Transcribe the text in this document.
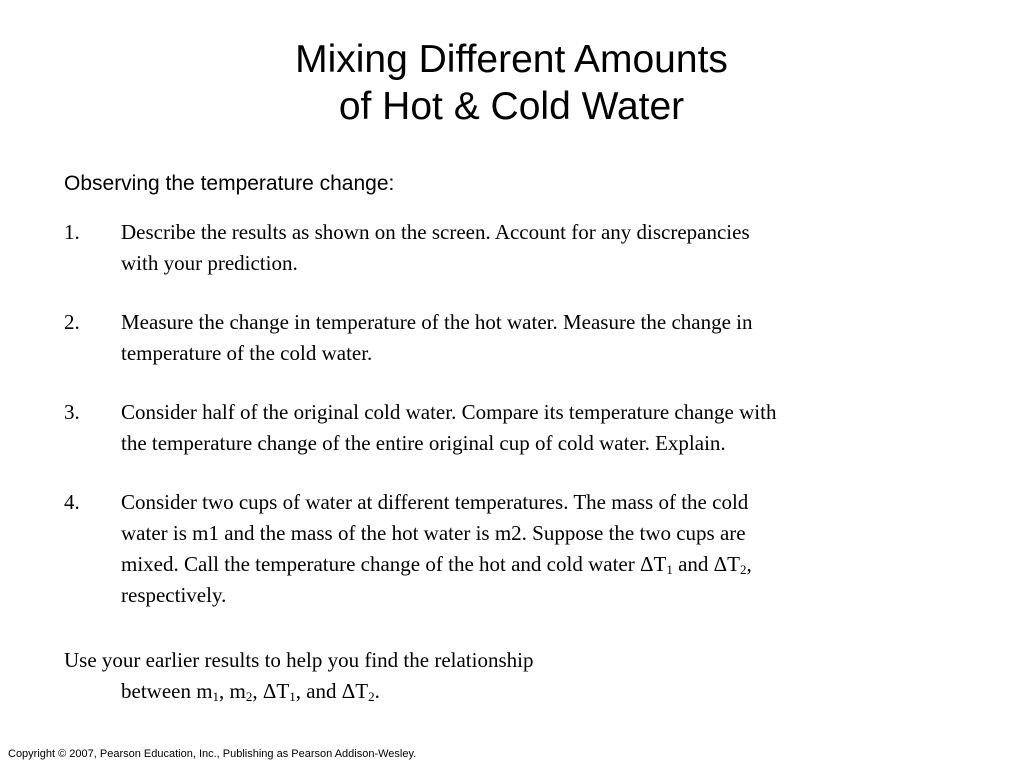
Mixing Different Amounts
of Hot & Cold Water
Observing the temperature change:
1. Describe the results as shown on the screen. Account for any discrepancies
with your prediction.
2. Measure the change in temperature of the hot water. Measure the change in
temperature of the cold water.
3. Consider half of the original cold water. Compare its temperature change with
the temperature change of the entire original cup of cold water. Explain.
4. Consider two cups of water at different temperatures. The mass of the cold
water is m1 and the mass of the hot water is m2. Suppose the two cups are
mixed. Call the temperature change of the hot and cold water $\Delta T_1$ and $\Delta T_2$,
respectively.
Use your earlier results to help you find the relationship
between $m_1$, $m_2$, $\Delta T_1$, and $\Delta T_2$.
Copyright © 2007, Pearson Education, Inc., Publishing as Pearson Addison-Wesley.
